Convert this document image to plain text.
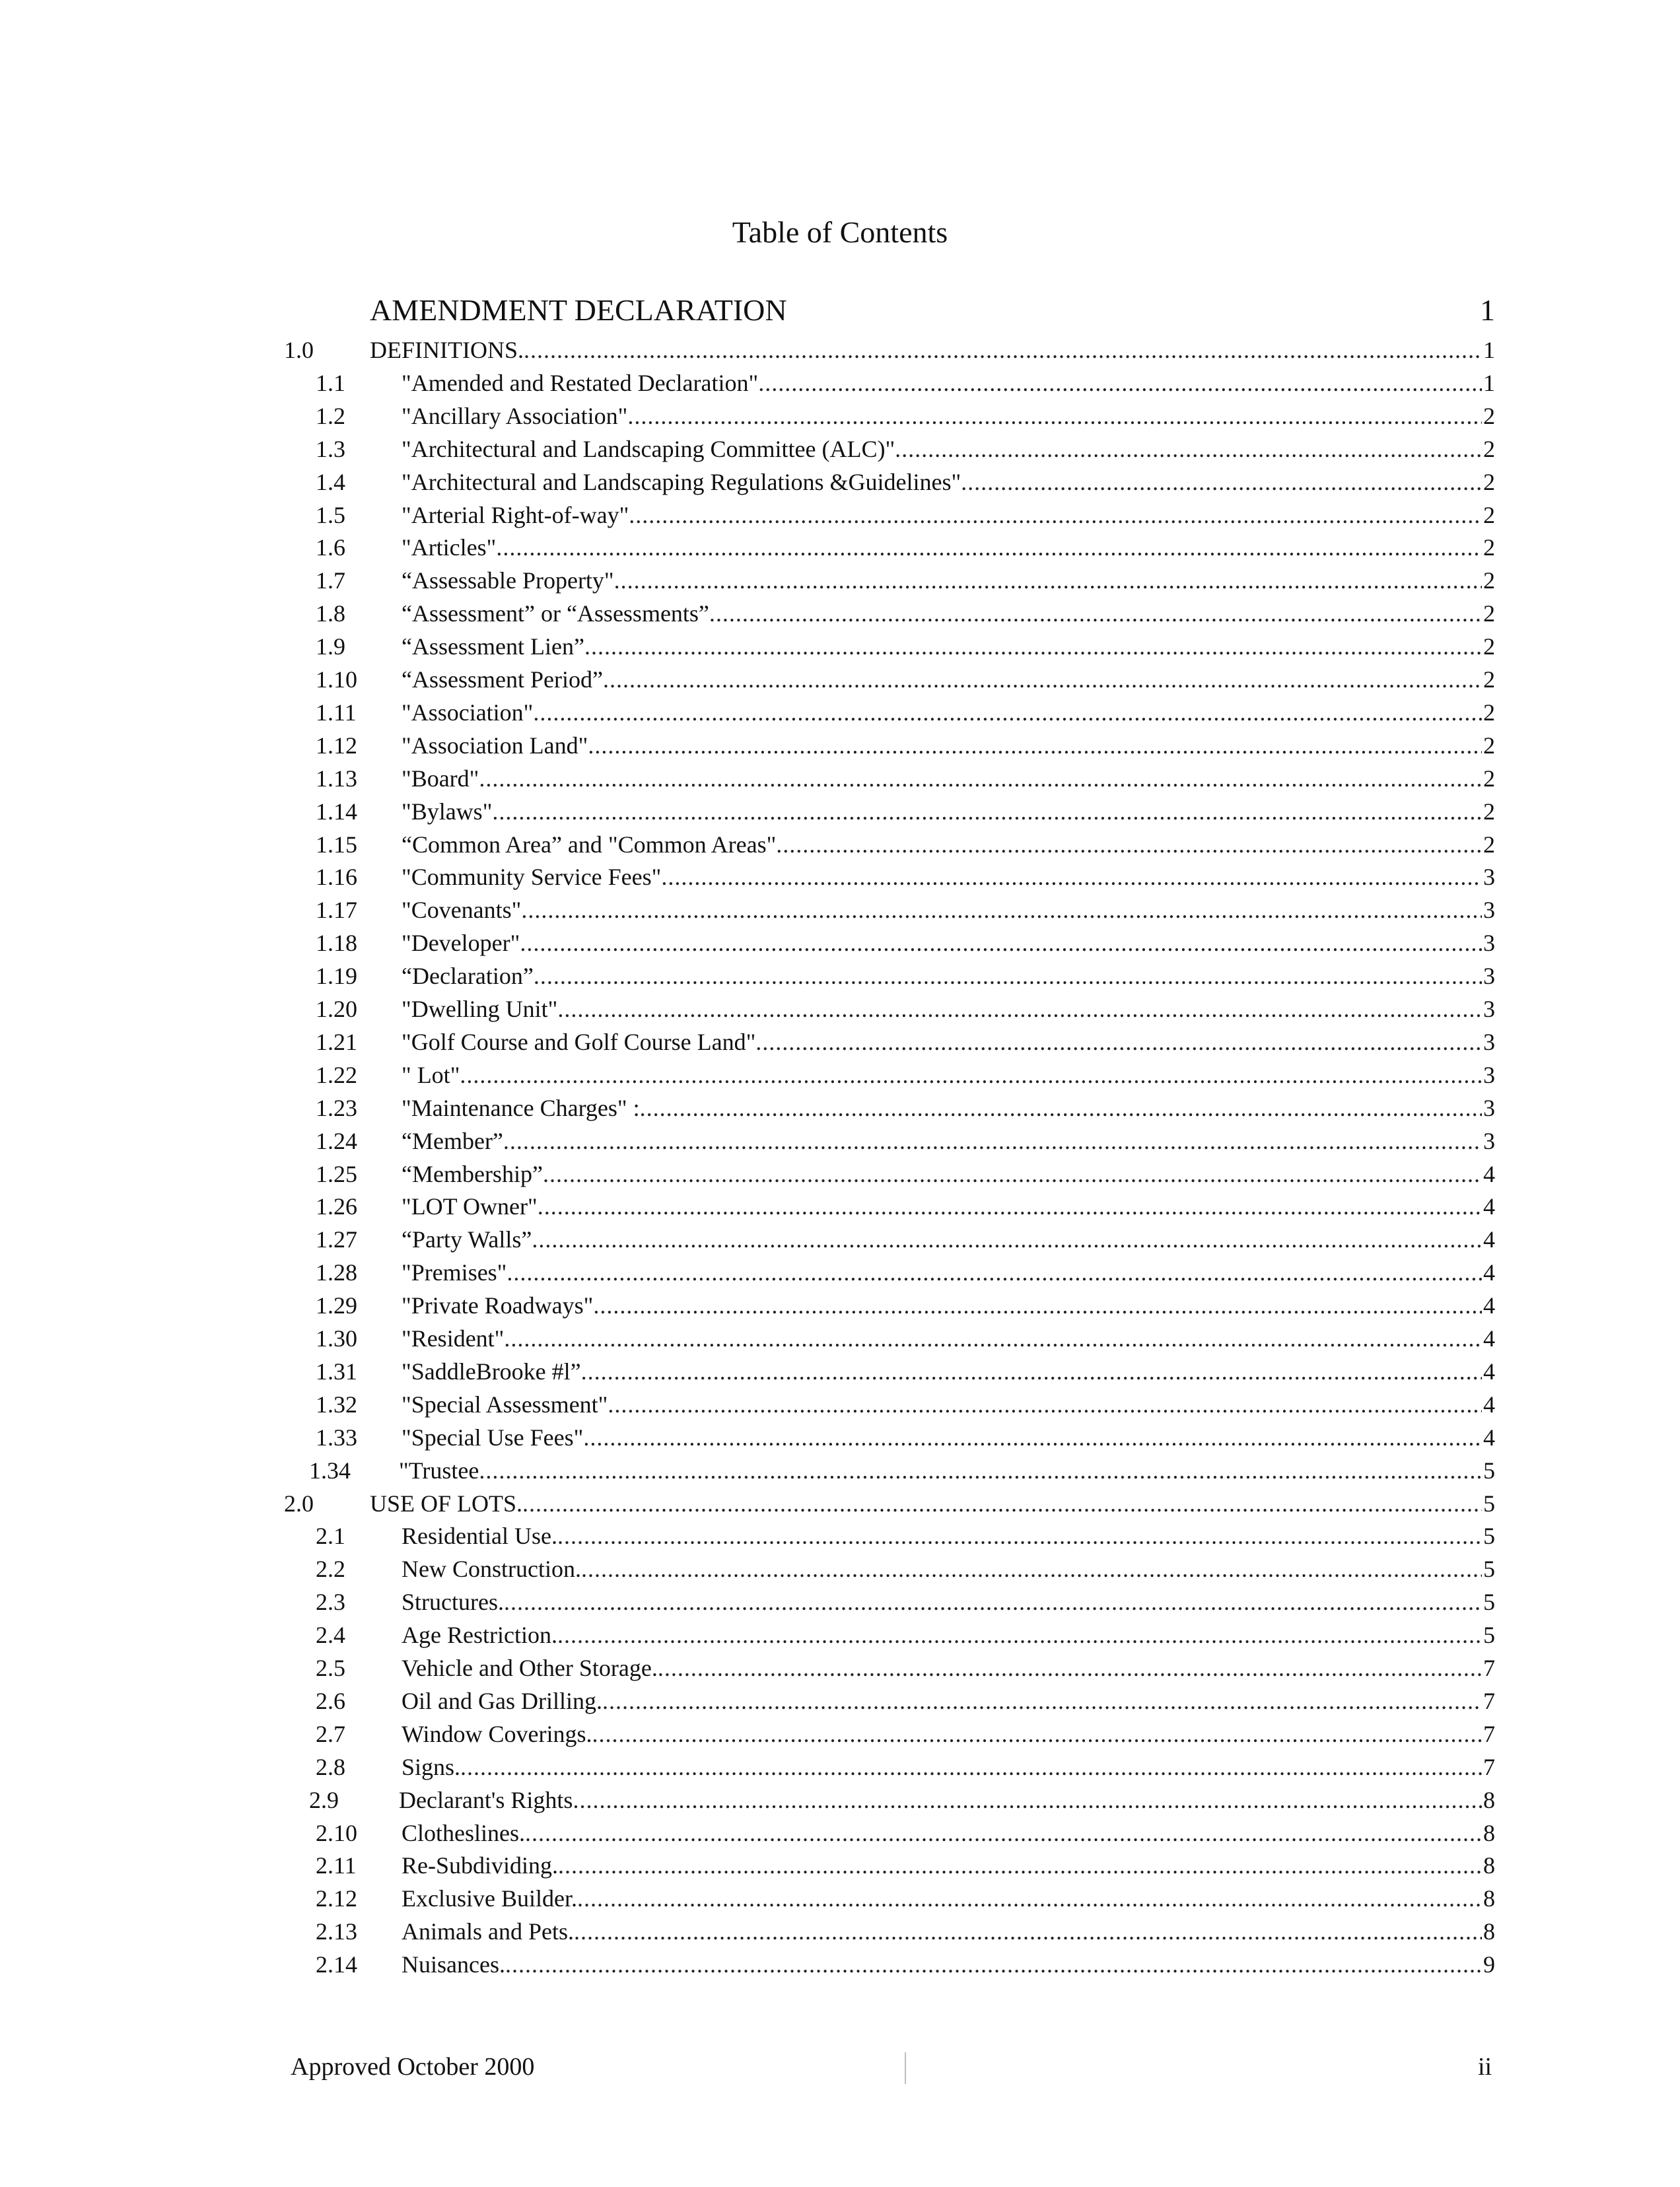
Table of Contents
AMENDMENT DECLARATION	1
1.0 DEFINITIONS. .....	1
1.1 "Amended and Restated Declaration" .....	1
1.2 "Ancillary Association" .....	2
1.3 "Architectural and Landscaping Committee (ALC)" .....	2
1.4 "Architectural and Landscaping Regulations &Guidelines" .....	2
1.5 "Arterial Right-of-way" .....	2
1.6 "Articles" .....	2
1.7 “Assessable Property" .....	2
1.8 “Assessment” or “Assessments” .....	2
1.9 “Assessment Lien” .....	2
1.10 “Assessment Period” .....	2
1.11 "Association" .....	2
1.12 "Association Land" .....	2
1.13 "Board" .....	2
1.14 "Bylaws" .....	2
1.15 “Common Area” and "Common Areas" .....	2
1.16 "Community Service Fees" .....	3
1.17 "Covenants" .....	3
1.18 "Developer" .....	3
1.19 “Declaration” .....	3
1.20 "Dwelling Unit" .....	3
1.21 "Golf Course and Golf Course Land" .....	3
1.22 " Lot" .....	3
1.23 "Maintenance Charges" : .....	3
1.24 “Member” .....	3
1.25 “Membership” .....	4
1.26 "LOT Owner" .....	4
1.27 “Party Walls” .....	4
1.28 "Premises" .....	4
1.29 "Private Roadways" .....	4
1.30 "Resident" .....	4
1.31 "SaddleBrooke #l” .....	4
1.32 "Special Assessment" .....	4
1.33 "Special Use Fees" .....	4
1.34 "Trustee .....	5
2.0 USE OF LOTS. .....	5
2.1 Residential Use. .....	5
2.2 New Construction. .....	5
2.3 Structures. .....	5
2.4 Age Restriction. .....	5
2.5 Vehicle and Other Storage. .....	7
2.6 Oil and Gas Drilling. .....	7
2.7 Window Coverings. .....	7
2.8 Signs. .....	7
2.9	Declarant's Rights .....	8
2.10 Clotheslines. .....	8
2.11 Re-Subdividing. .....	8
2.12 Exclusive Builder. .....	8
2.13 Animals and Pets. .....	8
2.14 Nuisances. .....	9
Approved October 2000	ii
